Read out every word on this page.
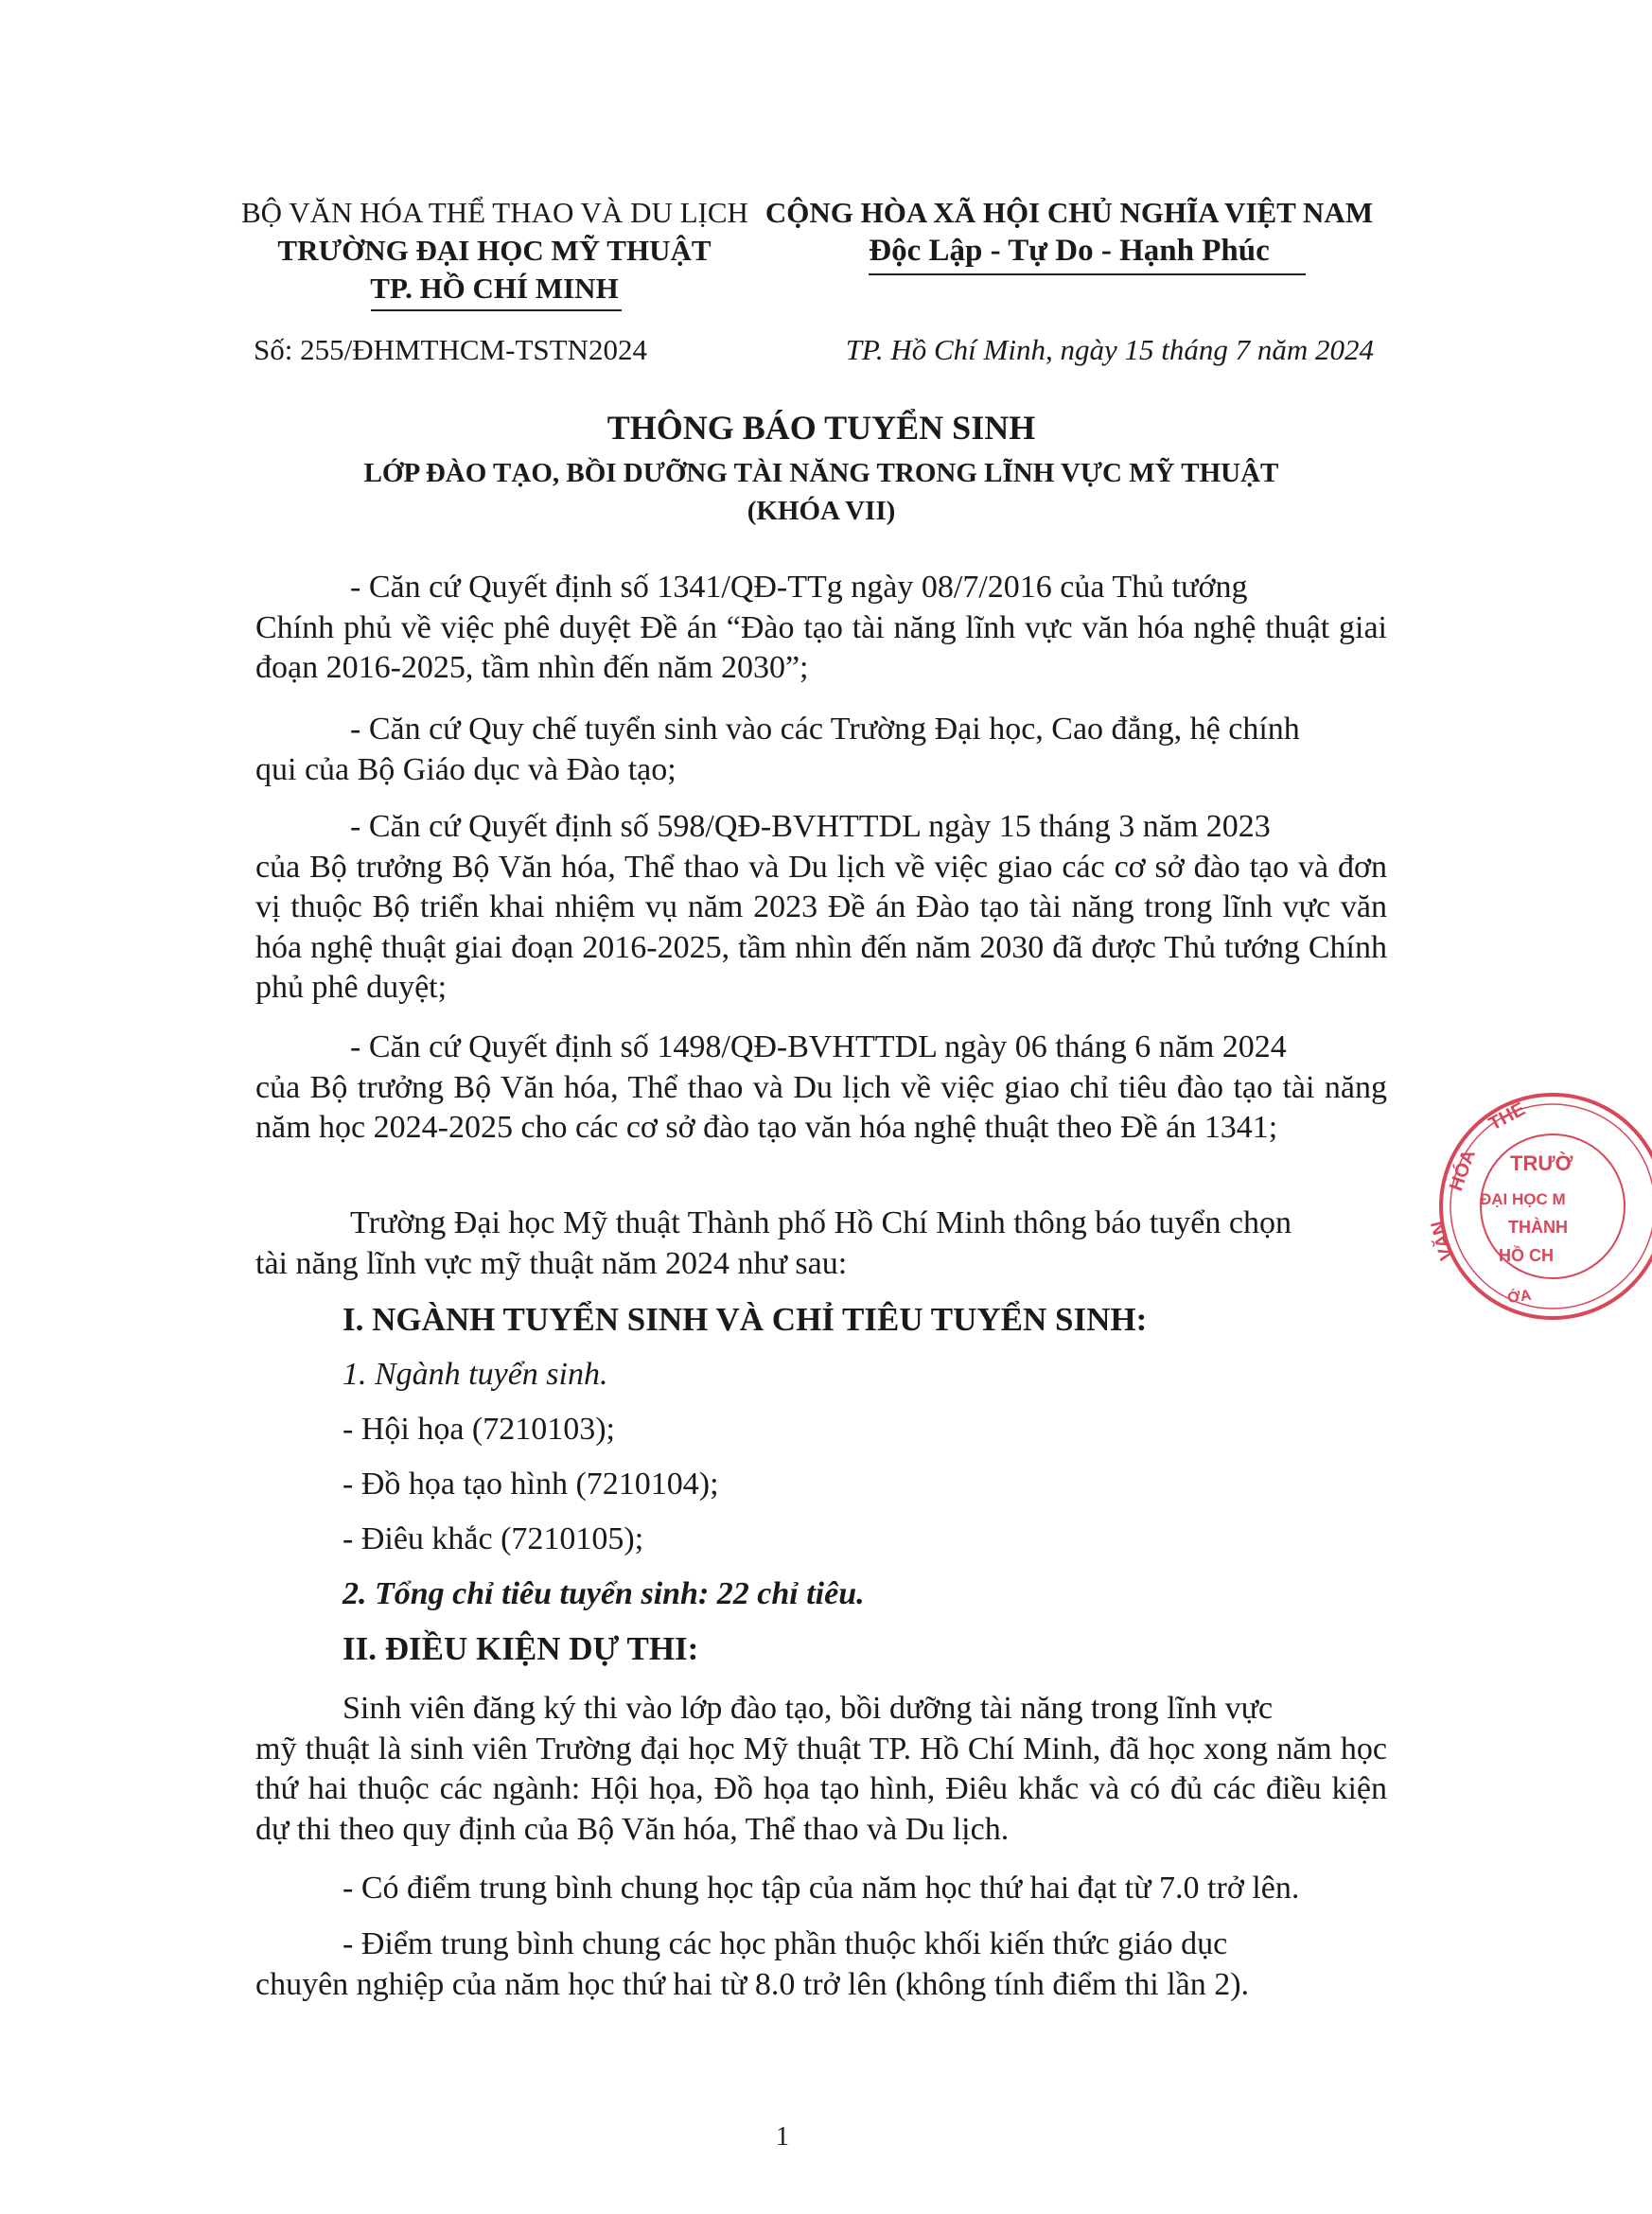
BỘ VĂN HÓA THỂ THAO VÀ DU LỊCH
TRƯỜNG ĐẠI HỌC MỸ THUẬT
TP. HỒ CHÍ MINH
CỘNG HÒA XÃ HỘI CHỦ NGHĨA VIỆT NAM
Độc Lập - Tự Do - Hạnh Phúc
Số: 255/ĐHMTHCM-TSTN2024	TP. Hồ Chí Minh, ngày 15 tháng 7 năm 2024
THÔNG BÁO TUYỂN SINH
LỚP ĐÀO TẠO, BỒI DƯỠNG TÀI NĂNG TRONG LĨNH VỰC MỸ THUẬT
(KHÓA VII)
- Căn cứ Quyết định số 1341/QĐ-TTg ngày 08/7/2016 của Thủ tướng
Chính phủ về việc phê duyệt Đề án “Đào tạo tài năng lĩnh vực văn hóa nghệ thuật giai đoạn 2016-2025, tầm nhìn đến năm 2030”;
- Căn cứ Quy chế tuyển sinh vào các Trường Đại học, Cao đẳng, hệ chính
qui của Bộ Giáo dục và Đào tạo;
- Căn cứ Quyết định số 598/QĐ-BVHTTDL ngày 15 tháng 3 năm 2023
của Bộ trưởng Bộ Văn hóa, Thể thao và Du lịch về việc giao các cơ sở đào tạo và đơn vị thuộc Bộ triển khai nhiệm vụ năm 2023 Đề án Đào tạo tài năng trong lĩnh vực văn hóa nghệ thuật giai đoạn 2016-2025, tầm nhìn đến năm 2030 đã được Thủ tướng Chính phủ phê duyệt;
- Căn cứ Quyết định số 1498/QĐ-BVHTTDL ngày 06 tháng 6 năm 2024
của Bộ trưởng Bộ Văn hóa, Thể thao và Du lịch về việc giao chỉ tiêu đào tạo tài năng năm học 2024-2025 cho các cơ sở đào tạo văn hóa nghệ thuật theo Đề án 1341;
Trường Đại học Mỹ thuật Thành phố Hồ Chí Minh thông báo tuyển chọn
tài năng lĩnh vực mỹ thuật năm 2024 như sau:
I. NGÀNH TUYỂN SINH VÀ CHỈ TIÊU TUYỂN SINH:
1. Ngành tuyển sinh.
- Hội họa (7210103);
- Đồ họa tạo hình (7210104);
- Điêu khắc (7210105);
2. Tổng chỉ tiêu tuyển sinh: 22 chỉ tiêu.
II. ĐIỀU KIỆN DỰ THI:
Sinh viên đăng ký thi vào lớp đào tạo, bồi dưỡng tài năng trong lĩnh vực
mỹ thuật là sinh viên Trường đại học Mỹ thuật TP. Hồ Chí Minh, đã học xong năm học thứ hai thuộc các ngành: Hội họa, Đồ họa tạo hình, Điêu khắc và có đủ các điều kiện dự thi theo quy định của Bộ Văn hóa, Thể thao và Du lịch.
- Có điểm trung bình chung học tập của năm học thứ hai đạt từ 7.0 trở lên.
- Điểm trung bình chung các học phần thuộc khối kiến thức giáo dục
chuyên nghiệp của năm học thứ hai từ 8.0 trở lên (không tính điểm thi lần 2).
1
THỂ
HÓA
VĂN
TRƯỜ
ĐẠI HỌC M
THÀNH
HỒ CH
ỚA
